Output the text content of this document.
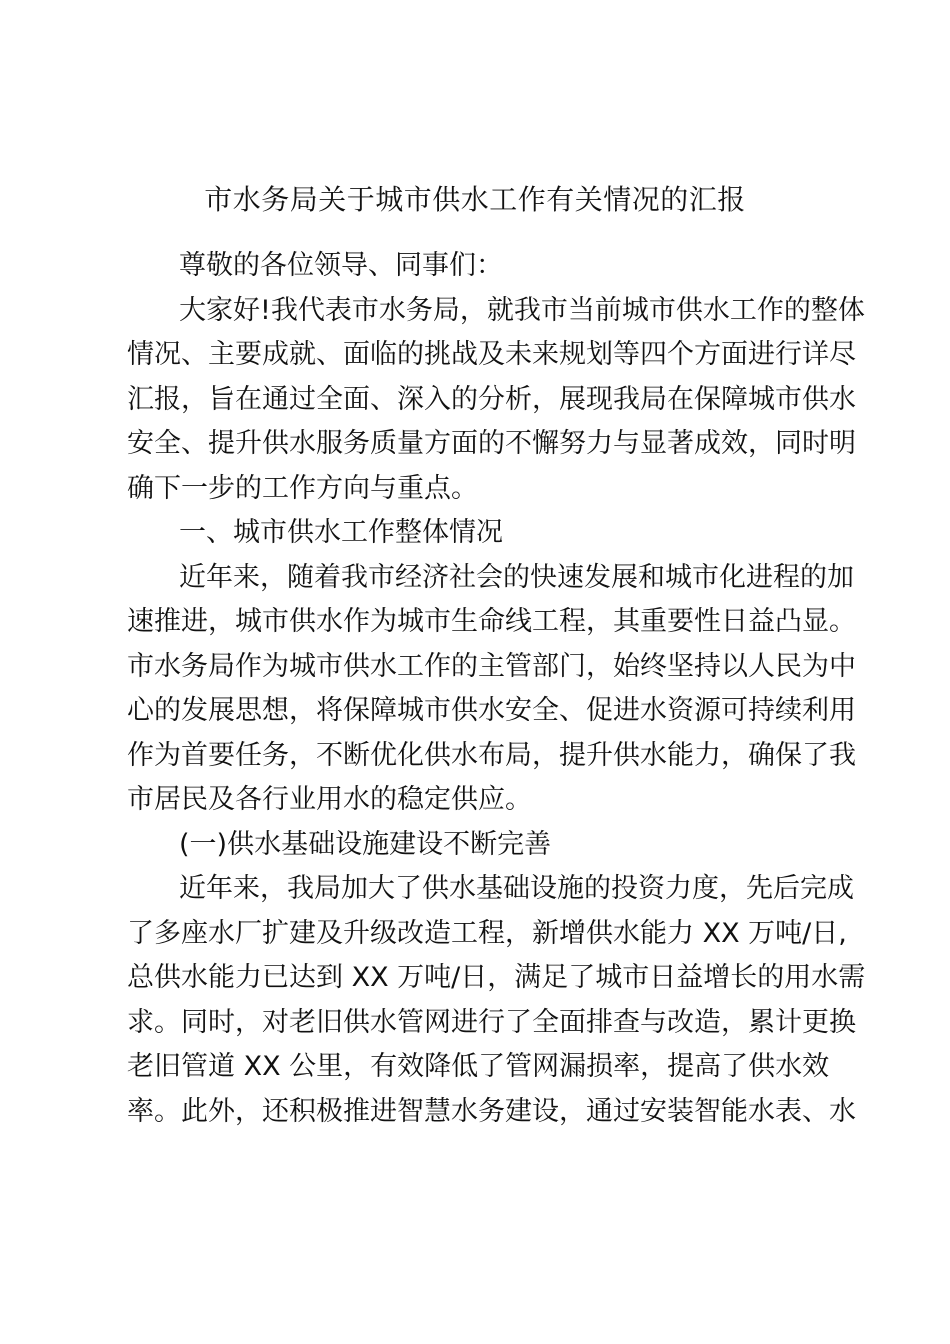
市水务局关于城市供水工作有关情况的汇报
尊敬的各位领导、同事们：
大家好!我代表市水务局，就我市当前城市供水工作的整体
情况、主要成就、面临的挑战及未来规划等四个方面进行详尽
汇报，旨在通过全面、深入的分析，展现我局在保障城市供水
安全、提升供水服务质量方面的不懈努力与显著成效，同时明
确下一步的工作方向与重点。
一、城市供水工作整体情况
近年来，随着我市经济社会的快速发展和城市化进程的加
速推进，城市供水作为城市生命线工程，其重要性日益凸显。
市水务局作为城市供水工作的主管部门，始终坚持以人民为中
心的发展思想，将保障城市供水安全、促进水资源可持续利用
作为首要任务，不断优化供水布局，提升供水能力，确保了我
市居民及各行业用水的稳定供应。
(一)供水基础设施建设不断完善
近年来，我局加大了供水基础设施的投资力度，先后完成
了多座水厂扩建及升级改造工程，新增供水能力 XX 万吨/日,
总供水能力已达到 XX 万吨/日，满足了城市日益增长的用水需
求。同时，对老旧供水管网进行了全面排查与改造，累计更换
老旧管道 XX 公里，有效降低了管网漏损率，提高了供水效
率。此外，还积极推进智慧水务建设，通过安装智能水表、水
